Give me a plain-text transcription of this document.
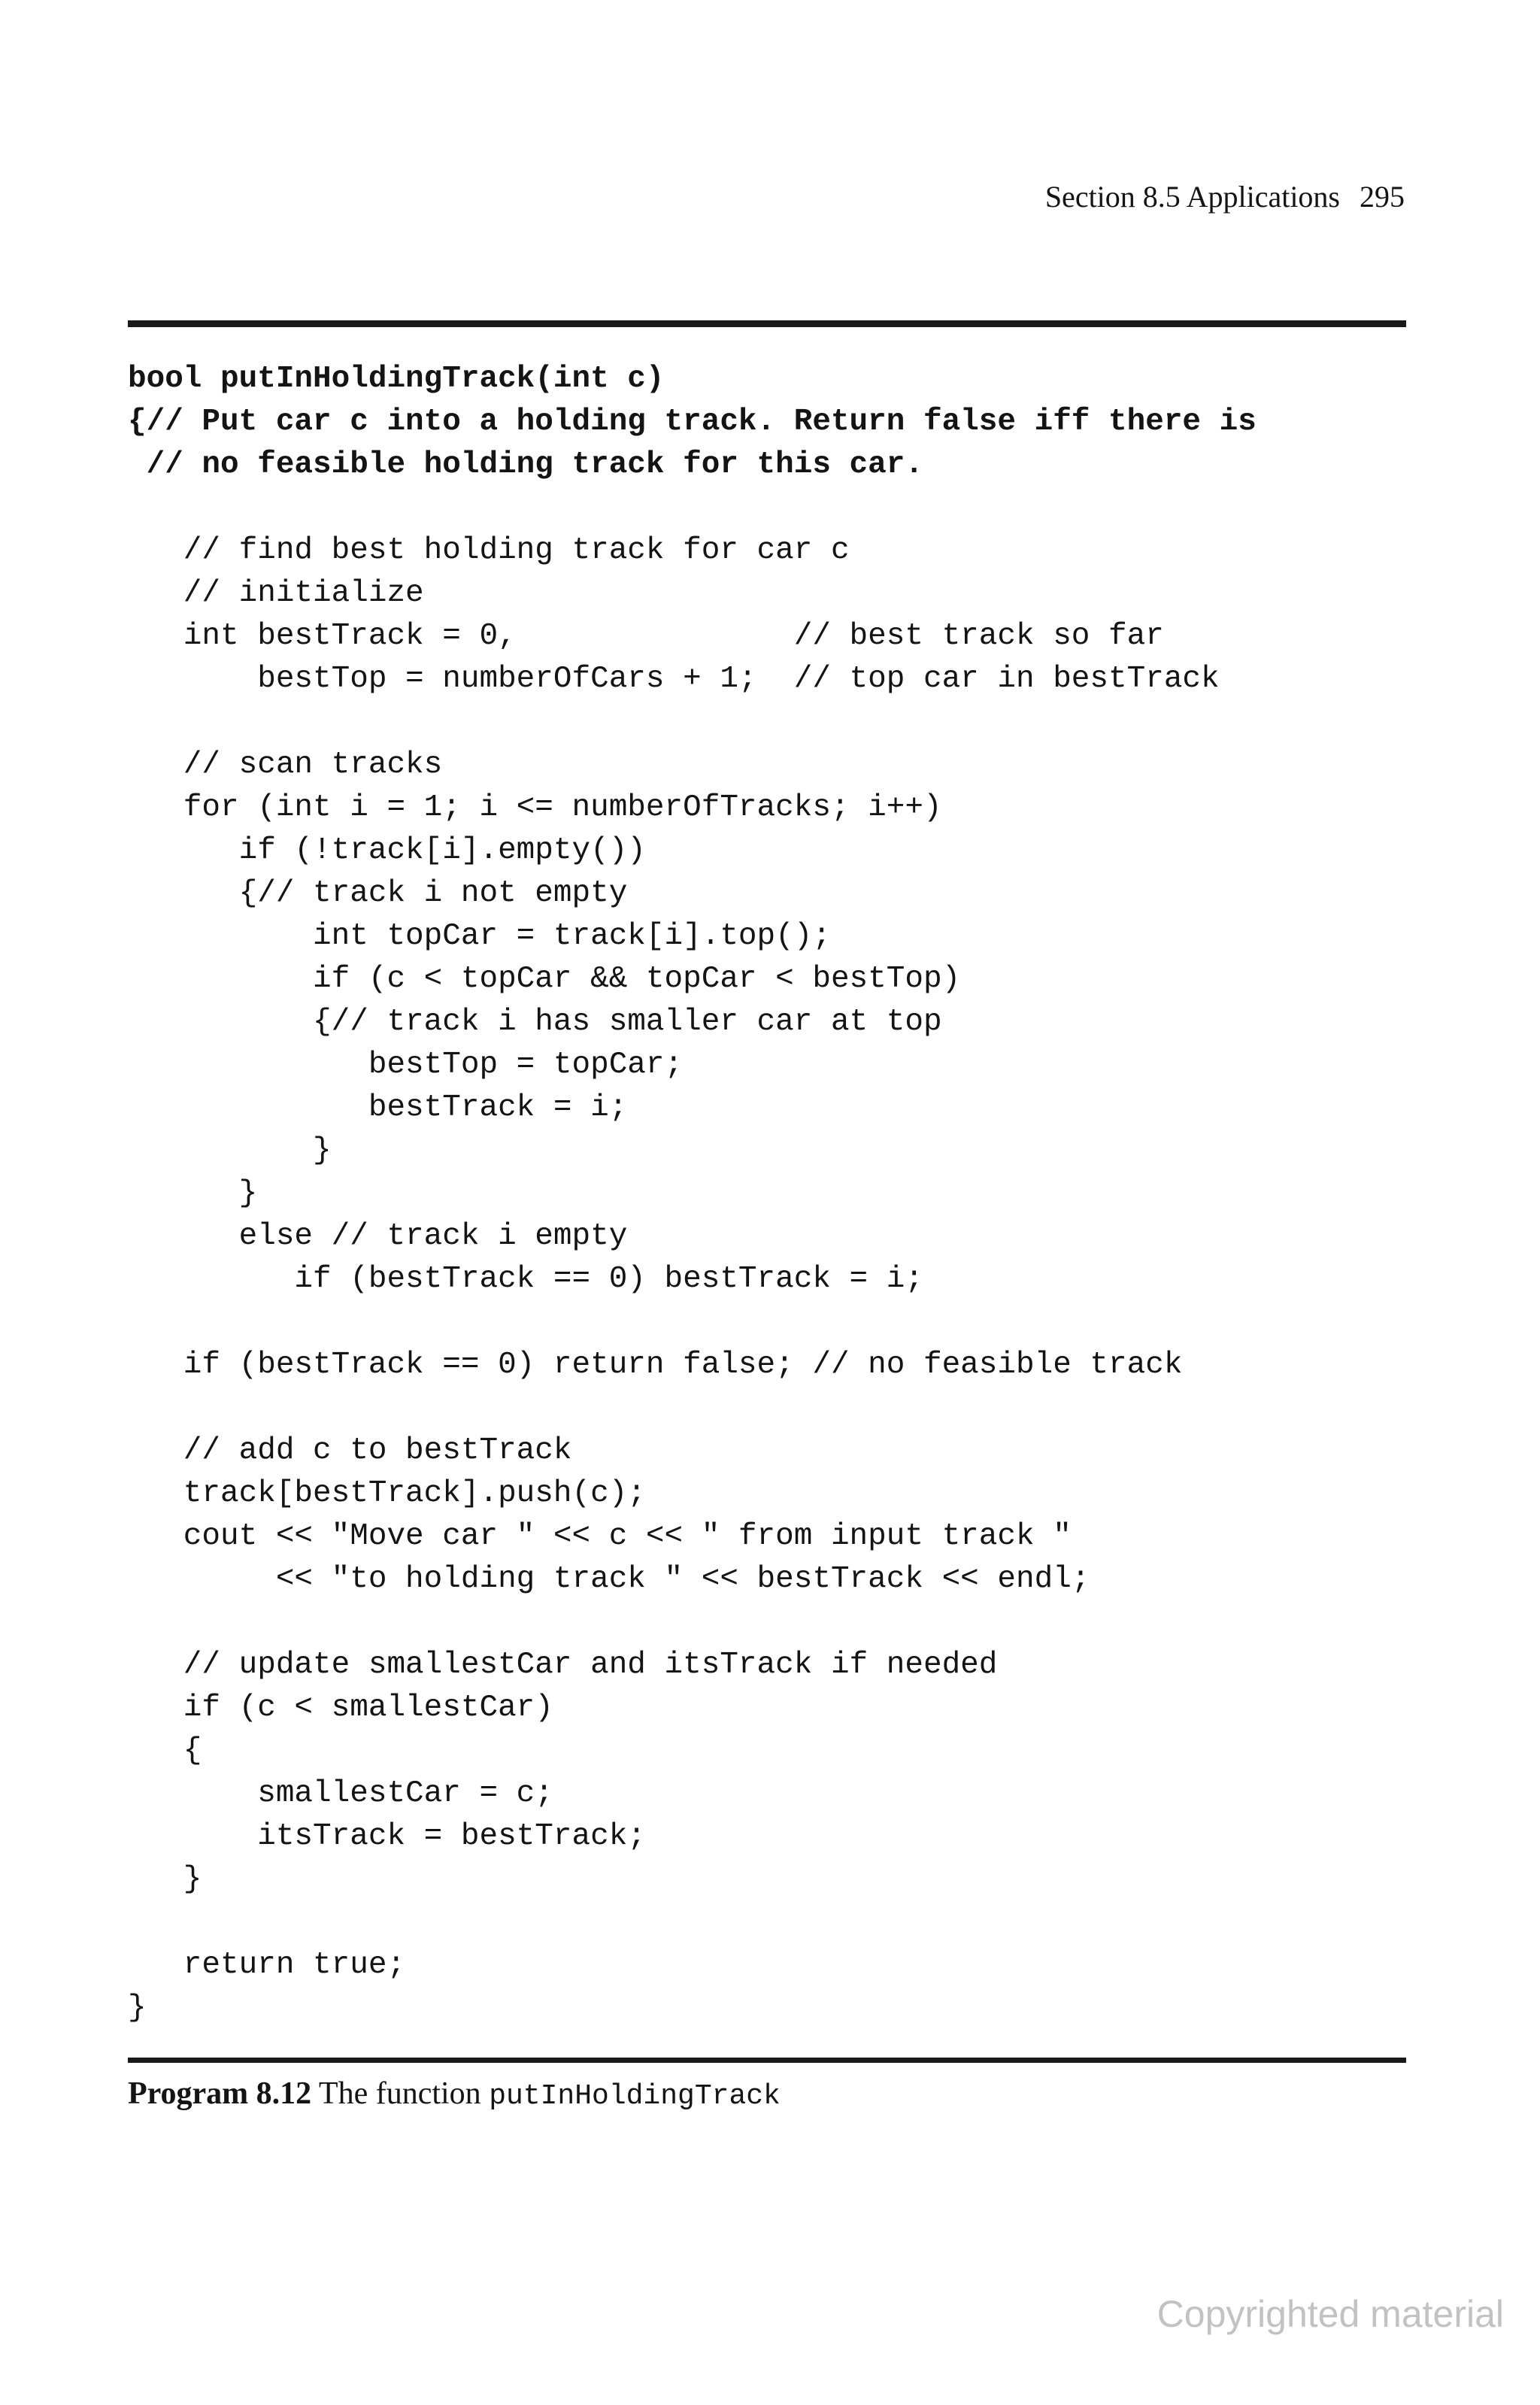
Section 8.5 Applications 295
bool putInHoldingTrack(int c)
{// Put car c into a holding track. Return false iff there is
// no feasible holding track for this car.
// find best holding track for car c
// initialize
int bestTrack = 0,               // best track so far
bestTop = numberOfCars + 1;  // top car in bestTrack
// scan tracks
for (int i = 1; i <= numberOfTracks; i++)
if (!track[i].empty())
{// track i not empty
int topCar = track[i].top();
if (c < topCar && topCar < bestTop)
{// track i has smaller car at top
bestTop = topCar;
bestTrack = i;
}
}
else // track i empty
if (bestTrack == 0) bestTrack = i;
if (bestTrack == 0) return false; // no feasible track
// add c to bestTrack
track[bestTrack].push(c);
cout << "Move car " << c << " from input track "
<< "to holding track " << bestTrack << endl;
// update smallestCar and itsTrack if needed
if (c < smallestCar)
{
smallestCar = c;
itsTrack = bestTrack;
}
return true;
}
Program 8.12 The function putInHoldingTrack
Copyrighted material
